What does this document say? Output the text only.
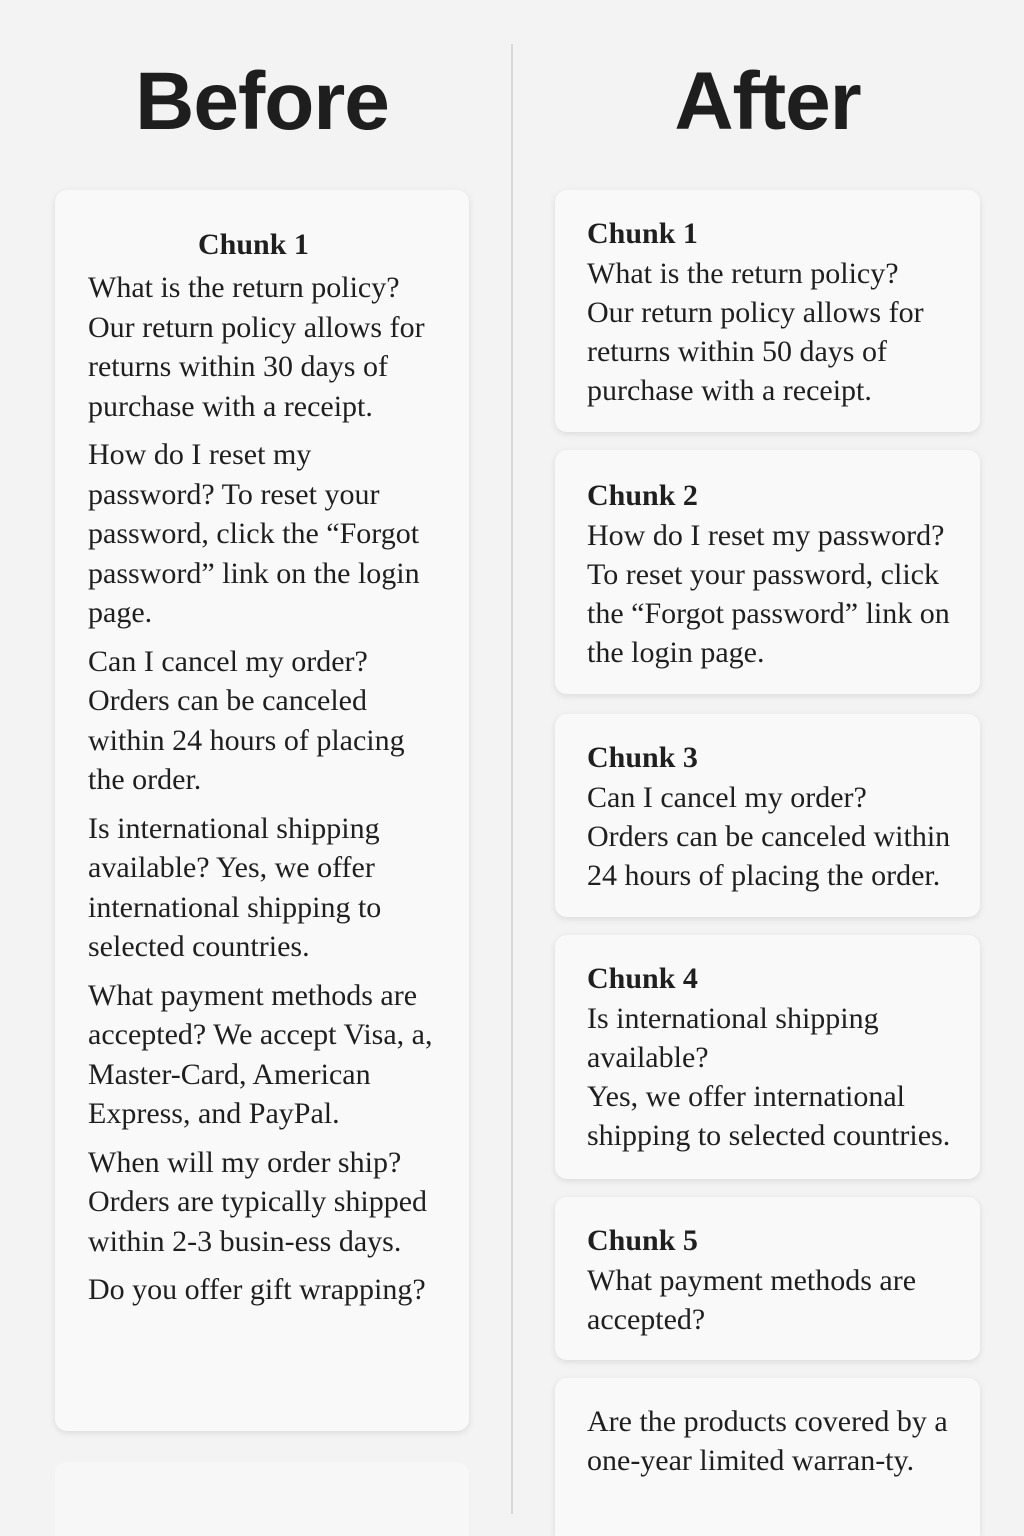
Before	After
Chunk 1
What is the return policy? Our return policy allows for returns within 30 days of purchase with a receipt.
How do I reset my password? To reset your password, click the “Forgot password” link on the login page.
Can I cancel my order? Orders can be canceled within 24 hours of placing the order.
Is international shipping available? Yes, we offer international shipping to selected countries.
What payment methods are accepted? We accept Visa, a, Master-Card, American Express, and PayPal.
When will my order ship? Orders are typically shipped within 2-3 busin-ess days.
Do you offer gift wrapping?
Chunk 1
What is the return policy?
Our return policy allows for returns within 50 days of purchase with a receipt.
Chunk 2
How do I reset my password?
To reset your password, click the “Forgot password” link on the login page.
Chunk 3
Can I cancel my order?
Orders can be canceled within 24 hours of placing the order.
Chunk 4
Is international shipping available?
Yes, we offer international shipping to selected countries.
Chunk 5
What payment methods are accepted?
Are the products covered by a one-year limited warran-ty.
